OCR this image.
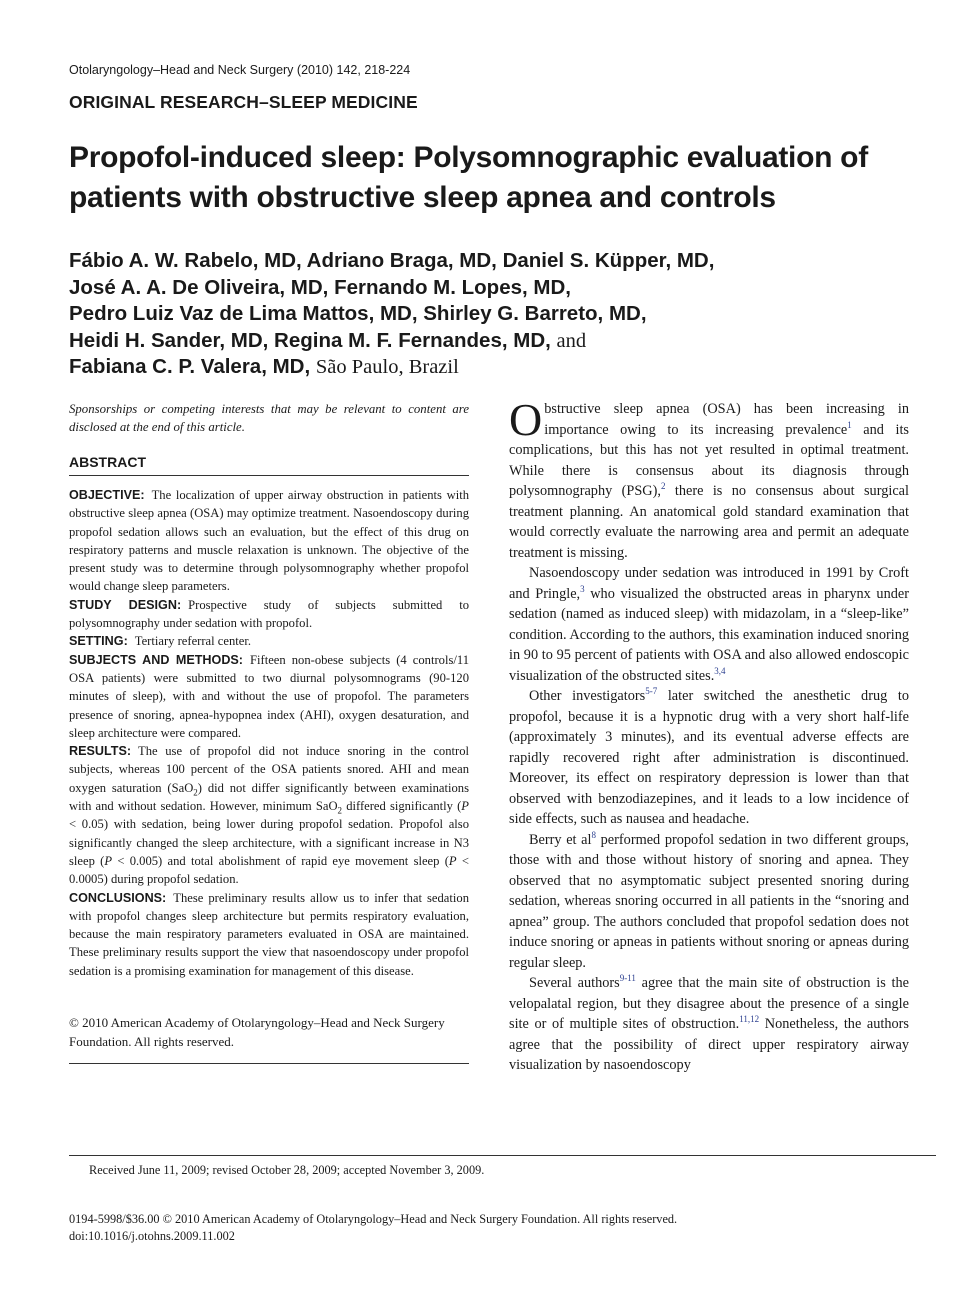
Otolaryngology–Head and Neck Surgery (2010) 142, 218-224
ORIGINAL RESEARCH–SLEEP MEDICINE
Propofol-induced sleep: Polysomnographic evaluation of
patients with obstructive sleep apnea and controls
Fábio A. W. Rabelo, MD, Adriano Braga, MD, Daniel S. Küpper, MD,
José A. A. De Oliveira, MD, Fernando M. Lopes, MD,
Pedro Luiz Vaz de Lima Mattos, MD, Shirley G. Barreto, MD,
Heidi H. Sander, MD, Regina M. F. Fernandes, MD, and
Fabiana C. P. Valera, MD, São Paulo, Brazil

Sponsorships or competing interests that may be relevant to content are disclosed at the end of this article.

ABSTRACT

OBJECTIVE: The localization of upper airway obstruction in patients with obstructive sleep apnea (OSA) may optimize treatment. Nasoendoscopy during propofol sedation allows such an evaluation, but the effect of this drug on respiratory patterns and muscle relaxation is unknown. The objective of the present study was to determine through polysomnography whether propofol would change sleep parameters.

STUDY DESIGN: Prospective study of subjects submitted to polysomnography under sedation with propofol.

SETTING: Tertiary referral center.

SUBJECTS AND METHODS: Fifteen non-obese subjects (4 controls/11 OSA patients) were submitted to two diurnal polysomnograms (90-120 minutes of sleep), with and without the use of propofol. The parameters presence of snoring, apnea-hypopnea index (AHI), oxygen desaturation, and sleep architecture were compared.

RESULTS: The use of propofol did not induce snoring in the control subjects, whereas 100 percent of the OSA patients snored. AHI and mean oxygen saturation (SaO$_2$) did not differ significantly between examinations with and without sedation. However, minimum SaO$_2$ differed significantly (P < 0.05) with sedation, being lower during propofol sedation. Propofol also significantly changed the sleep architecture, with a significant increase in N3 sleep (P < 0.005) and total abolishment of rapid eye movement sleep (P < 0.0005) during propofol sedation.

CONCLUSIONS: These preliminary results allow us to infer that sedation with propofol changes sleep architecture but permits respiratory evaluation, because the main respiratory parameters evaluated in OSA are maintained. These preliminary results support the view that nasoendoscopy under propofol sedation is a promising examination for management of this disease.

© 2010 American Academy of Otolaryngology–Head and Neck Surgery Foundation. All rights reserved.

Obstructive sleep apnea (OSA) has been increasing in importance owing to its increasing prevalence$^1$ and its complications, but this has not yet resulted in optimal treatment. While there is consensus about its diagnosis through polysomnography (PSG),$^2$ there is no consensus about surgical treatment planning. An anatomical gold standard examination that would correctly evaluate the narrowing area and permit an adequate treatment is missing.

Nasoendoscopy under sedation was introduced in 1991 by Croft and Pringle,$^3$ who visualized the obstructed areas in pharynx under sedation (named as induced sleep) with midazolam, in a “sleep-like” condition. According to the authors, this examination induced snoring in 90 to 95 percent of patients with OSA and also allowed endoscopic visualization of the obstructed sites.$^{3,4}$

Other investigators$^{5-7}$ later switched the anesthetic drug to propofol, because it is a hypnotic drug with a very short half-life (approximately 3 minutes), and its eventual adverse effects are rapidly recovered right after administration is discontinued. Moreover, its effect on respiratory depression is lower than that observed with benzodiazepines, and it leads to a low incidence of side effects, such as nausea and headache.

Berry et al$^8$ performed propofol sedation in two different groups, those with and those without history of snoring and apnea. They observed that no asymptomatic subject presented snoring during sedation, whereas snoring occurred in all patients in the “snoring and apnea” group. The authors concluded that propofol sedation does not induce snoring or apneas in patients without snoring or apneas during regular sleep.

Several authors$^{9-11}$ agree that the main site of obstruction is the velopalatal region, but they disagree about the presence of a single site or of multiple sites of obstruction.$^{11,12}$ Nonetheless, the authors agree that the possibility of direct upper respiratory airway visualization by nasoendoscopy

Received June 11, 2009; revised October 28, 2009; accepted November 3, 2009.
0194-5998/$36.00 © 2010 American Academy of Otolaryngology–Head and Neck Surgery Foundation. All rights reserved.
doi:10.1016/j.otohns.2009.11.002
